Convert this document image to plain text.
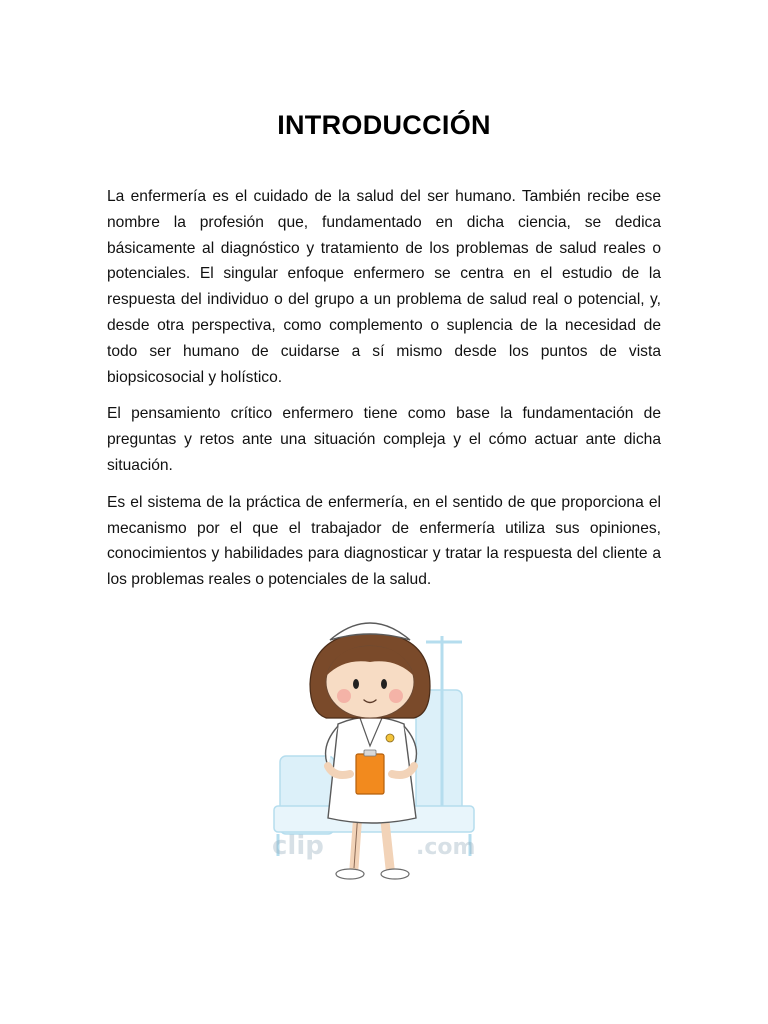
INTRODUCCIÓN

La enfermería es el cuidado de la salud del ser humano. También recibe ese nombre la profesión que, fundamentado en dicha ciencia, se dedica básicamente al diagnóstico y tratamiento de los problemas de salud reales o potenciales. El singular enfoque enfermero se centra en el estudio de la respuesta del individuo o del grupo a un problema de salud real o potencial, y, desde otra perspectiva, como complemento o suplencia de la necesidad de todo ser humano de cuidarse a sí mismo desde los puntos de vista biopsicosocial y holístico.

El pensamiento crítico enfermero tiene como base la fundamentación de preguntas y retos ante una situación compleja y el cómo actuar ante dicha situación.

Es el sistema de la práctica de enfermería, en el sentido de que proporciona el mecanismo por el que el trabajador de enfermería utiliza sus opiniones, conocimientos y habilidades para diagnosticar y tratar la respuesta del cliente a los problemas reales o potenciales de la salud.

clip	.com
